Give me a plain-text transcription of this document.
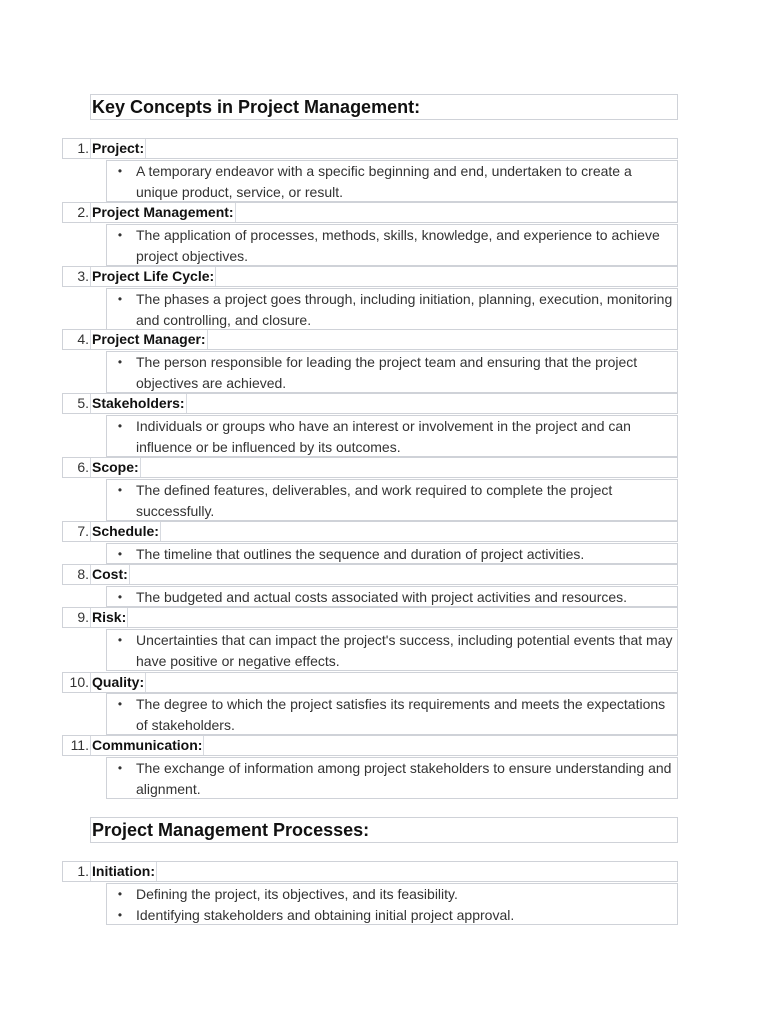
Key Concepts in Project Management:
1. Project:
• A temporary endeavor with a specific beginning and end, undertaken to create a unique product, service, or result.
2. Project Management:
• The application of processes, methods, skills, knowledge, and experience to achieve project objectives.
3. Project Life Cycle:
• The phases a project goes through, including initiation, planning, execution, monitoring and controlling, and closure.
4. Project Manager:
• The person responsible for leading the project team and ensuring that the project objectives are achieved.
5. Stakeholders:
• Individuals or groups who have an interest or involvement in the project and can influence or be influenced by its outcomes.
6. Scope:
• The defined features, deliverables, and work required to complete the project successfully.
7. Schedule:
• The timeline that outlines the sequence and duration of project activities.
8. Cost:
• The budgeted and actual costs associated with project activities and resources.
9. Risk:
• Uncertainties that can impact the project's success, including potential events that may have positive or negative effects.
10. Quality:
• The degree to which the project satisfies its requirements and meets the expectations of stakeholders.
11. Communication:
• The exchange of information among project stakeholders to ensure understanding and alignment.
Project Management Processes:
1. Initiation:
• Defining the project, its objectives, and its feasibility.
• Identifying stakeholders and obtaining initial project approval.
